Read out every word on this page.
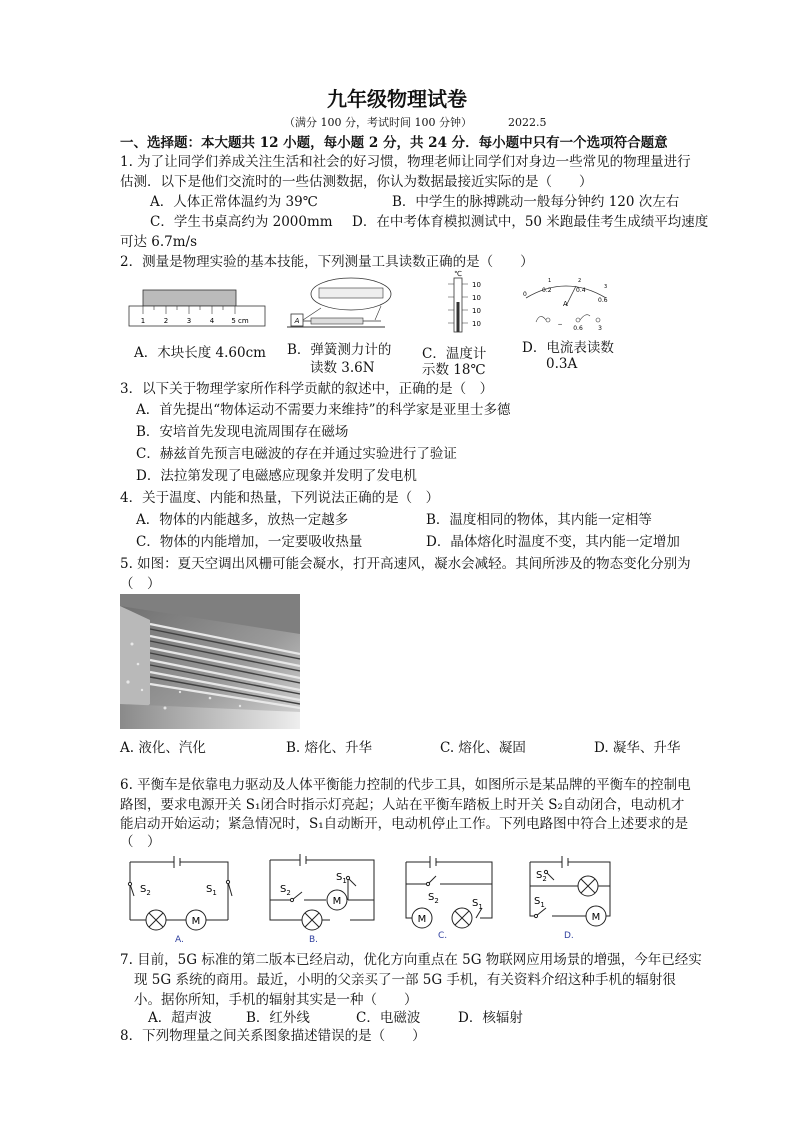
九年级物理试卷
（满分 100 分，考试时间 100 分钟）	2022.5
一、选择题：本大题共 12 小题，每小题 2 分，共 24 分．每小题中只有一个选项符合题意
1. 为了让同学们养成关注生活和社会的好习惯，物理老师让同学们对身边一些常见的物理量进行
估测．以下是他们交流时的一些估测数据，你认为数据最接近实际的是（　　）
A．人体正常体温约为 39℃	B．中学生的脉搏跳动一般每分钟约 120 次左右
C．学生书桌高约为 2000mm D．在中考体育模拟测试中，50 米跑最佳考生成绩平均速度
可达 6.7m/s
2．测量是物理实验的基本技能，下列测量工具读数正确的是（　　）
1	2	3	4 5 cm	A
℃
10
10
10
10
0
0.2	0.4
0.6
1	2
3
A
−
0.6	3
A．木块长度 4.60cm B．弹簧测力计的
读数 3.6N
C．温度计
示数 18℃
D．电流表读数
0.3A
3．以下关于物理学家所作科学贡献的叙述中，正确的是（　）
A．首先提出“物体运动不需要力来维持”的科学家是亚里士多德
B．安培首先发现电流周围存在磁场
C．赫兹首先预言电磁波的存在并通过实验进行了验证
D．法拉第发现了电磁感应现象并发明了发电机
4．关于温度、内能和热量，下列说法正确的是（　）
A．物体的内能越多，放热一定越多	B．温度相同的物体，其内能一定相等
C．物体的内能增加，一定要吸收热量	D．晶体熔化时温度不变，其内能一定增加
5. 如图：夏天空调出风栅可能会凝水，打开高速风，凝水会减轻。其间所涉及的物态变化分别为
（　）
A. 液化、汽化	B. 熔化、升华	C. 熔化、凝固	D. 凝华、升华
6. 平衡车是依靠电力驱动及人体平衡能力控制的代步工具，如图所示是某品牌的平衡车的控制电
路图，要求电源开关 S₁闭合时指示灯亮起；人站在平衡车踏板上时开关 S₂自动闭合，电动机才
能启动开始运动；紧急情况时，S₁自动断开，电动机停止工作。下列电路图中符合上述要求的是
（　）
$S_2$	$S_1$
M
A.
$S_2$
$S_1$
M
B.
$S_2$	$S_1$
M
C.
$S_2$
$S_1$
M
D.
7. 目前，5G 标准的第二版本已经启动，优化方向重点在 5G 物联网应用场景的增强，今年已经实
现 5G 系统的商用。最近，小明的父亲买了一部 5G 手机，有关资料介绍这种手机的辐射很
小。据你所知，手机的辐射其实是一种（　　）
A．超声波	B．红外线	C．电磁波	D．核辐射
8．下列物理量之间关系图象描述错误的是（　　）
